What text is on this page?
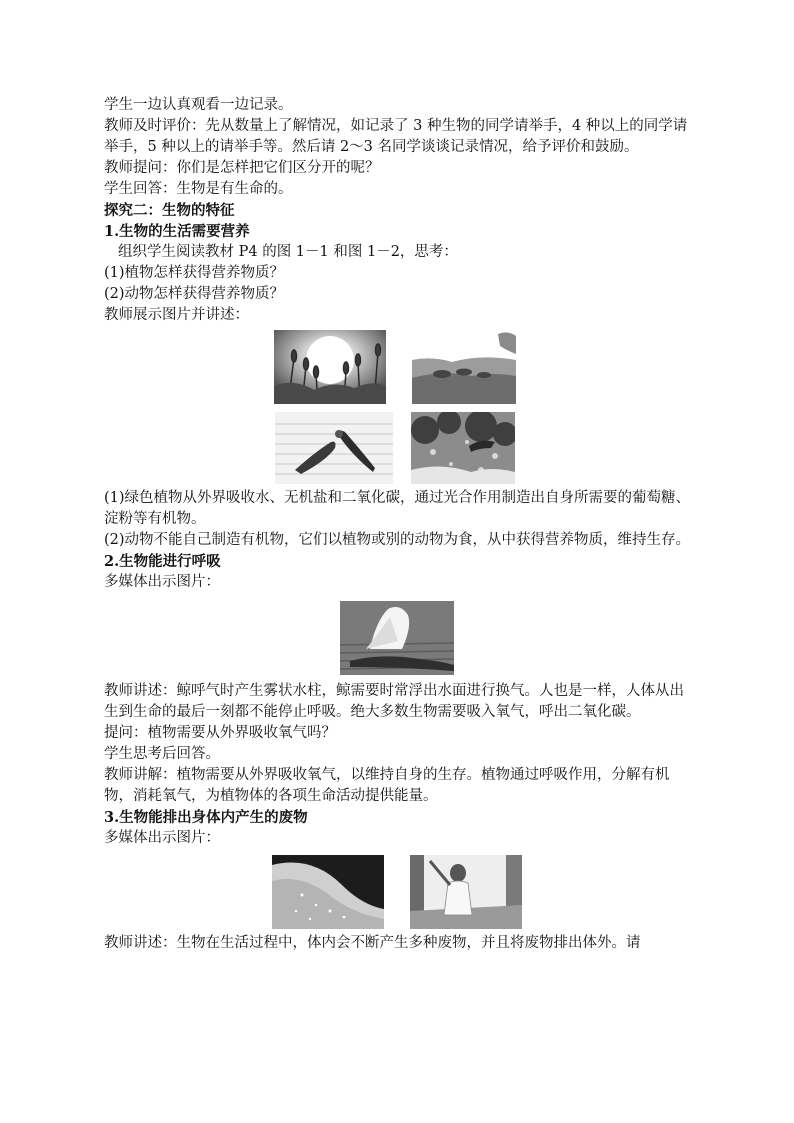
学生一边认真观看一边记录。

教师及时评价：先从数量上了解情况，如记录了 3 种生物的同学请举手，4 种以上的同学请举手，5 种以上的请举手等。然后请 2～3 名同学谈谈记录情况，给予评价和鼓励。

教师提问：你们是怎样把它们区分开的呢？

学生回答：生物是有生命的。

探究二：生物的特征

1.生物的生活需要营养

组织学生阅读教材 P4 的图 1－1 和图 1－2，思考：

(1)植物怎样获得营养物质？

(2)动物怎样获得营养物质？

教师展示图片并讲述：

(1)绿色植物从外界吸收水、无机盐和二氧化碳，通过光合作用制造出自身所需要的葡萄糖、淀粉等有机物。

(2)动物不能自己制造有机物，它们以植物或别的动物为食，从中获得营养物质，维持生存。

2.生物能进行呼吸

多媒体出示图片：

教师讲述：鲸呼气时产生雾状水柱，鲸需要时常浮出水面进行换气。人也是一样，人体从出生到生命的最后一刻都不能停止呼吸。绝大多数生物需要吸入氧气，呼出二氧化碳。

提问：植物需要从外界吸收氧气吗？

学生思考后回答。

教师讲解：植物需要从外界吸收氧气，以维持自身的生存。植物通过呼吸作用，分解有机物，消耗氧气，为植物体的各项生命活动提供能量。

3.生物能排出身体内产生的废物

多媒体出示图片：

教师讲述：生物在生活过程中，体内会不断产生多种废物，并且将废物排出体外。请
